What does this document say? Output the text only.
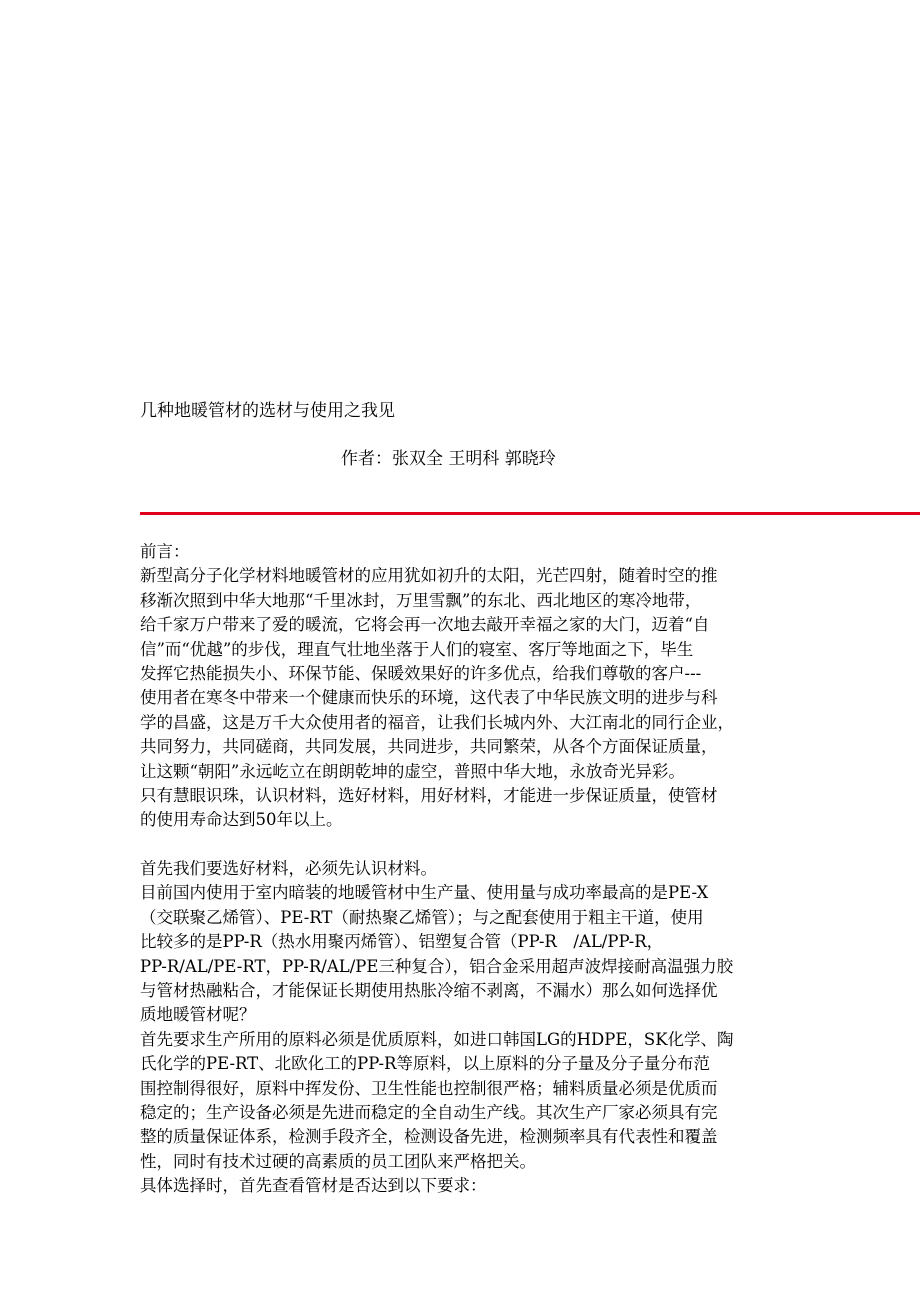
几种地暖管材的选材与使用之我见
作者：张双全 王明科 郭晓玲
前言：
新型高分子化学材料地暖管材的应用犹如初升的太阳，光芒四射，随着时空的推
移渐次照到中华大地那“千里冰封，万里雪飘”的东北、西北地区的寒冷地带，
给千家万户带来了爱的暖流，它将会再一次地去敲开幸福之家的大门，迈着“自
信”而“优越”的步伐，理直气壮地坐落于人们的寝室、客厅等地面之下，毕生
发挥它热能损失小、环保节能、保暖效果好的许多优点，给我们尊敬的客户---
使用者在寒冬中带来一个健康而快乐的环境，这代表了中华民族文明的进步与科
学的昌盛，这是万千大众使用者的福音，让我们长城内外、大江南北的同行企业，
共同努力，共同磋商，共同发展，共同进步，共同繁荣，从各个方面保证质量，
让这颗“朝阳”永远屹立在朗朗乾坤的虚空，普照中华大地，永放奇光异彩。
只有慧眼识珠，认识材料，选好材料，用好材料，才能进一步保证质量，使管材
的使用寿命达到50年以上。
首先我们要选好材料，必须先认识材料。
目前国内使用于室内暗装的地暖管材中生产量、使用量与成功率最高的是PE-X
（交联聚乙烯管）、PE-RT（耐热聚乙烯管）；与之配套使用于粗主干道，使用
比较多的是PP-R（热水用聚丙烯管）、铝塑复合管（PP-R　/AL/PP-R，
PP-R/AL/PE-RT，PP-R/AL/PE三种复合），铝合金采用超声波焊接耐高温强力胶
与管材热融粘合，才能保证长期使用热胀冷缩不剥离，不漏水）那么如何选择优
质地暖管材呢？
首先要求生产所用的原料必须是优质原料，如进口韩国LG的HDPE，SK化学、陶
氏化学的PE-RT、北欧化工的PP-R等原料，以上原料的分子量及分子量分布范
围控制得很好，原料中挥发份、卫生性能也控制很严格；辅料质量必须是优质而
稳定的；生产设备必须是先进而稳定的全自动生产线。其次生产厂家必须具有完
整的质量保证体系，检测手段齐全，检测设备先进，检测频率具有代表性和覆盖
性，同时有技术过硬的高素质的员工团队来严格把关。
具体选择时，首先查看管材是否达到以下要求：
